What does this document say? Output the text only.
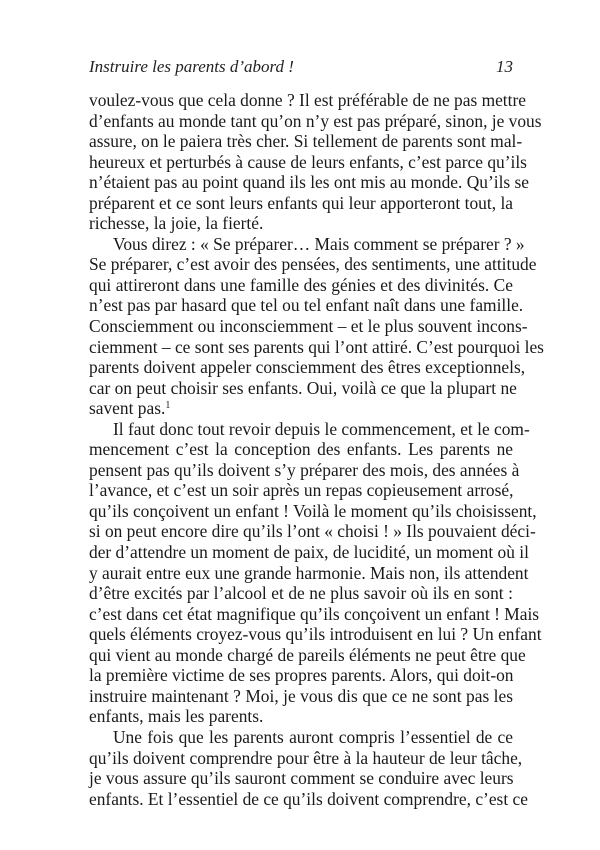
Instruire les parents d’abord !	13
voulez-vous que cela donne ? Il est préférable de ne pas mettre
d’enfants au monde tant qu’on n’y est pas préparé, sinon, je vous
assure, on le paiera très cher. Si tellement de parents sont mal-
heureux et perturbés à cause de leurs enfants, c’est parce qu’ils
n’étaient pas au point quand ils les ont mis au monde. Qu’ils se
préparent et ce sont leurs enfants qui leur apporteront tout, la
richesse, la joie, la fierté.
Vous direz : « Se préparer… Mais comment se préparer ? »
Se préparer, c’est avoir des pensées, des sentiments, une attitude
qui attireront dans une famille des génies et des divinités. Ce
n’est pas par hasard que tel ou tel enfant naît dans une famille.
Consciemment ou inconsciemment – et le plus souvent incons-
ciemment – ce sont ses parents qui l’ont attiré. C’est pourquoi les
parents doivent appeler consciemment des êtres exceptionnels,
car on peut choisir ses enfants. Oui, voilà ce que la plupart ne
savent pas.$^1$
Il faut donc tout revoir depuis le commencement, et le com-
mencement c’est la conception des enfants. Les parents ne
pensent pas qu’ils doivent s’y préparer des mois, des années à
l’avance, et c’est un soir après un repas copieusement arrosé,
qu’ils conçoivent un enfant ! Voilà le moment qu’ils choisissent,
si on peut encore dire qu’ils l’ont « choisi ! » Ils pouvaient déci-
der d’attendre un moment de paix, de lucidité, un moment où il
y aurait entre eux une grande harmonie. Mais non, ils attendent
d’être excités par l’alcool et de ne plus savoir où ils en sont :
c’est dans cet état magnifique qu’ils conçoivent un enfant ! Mais
quels éléments croyez-vous qu’ils introduisent en lui ? Un enfant
qui vient au monde chargé de pareils éléments ne peut être que
la première victime de ses propres parents. Alors, qui doit-on
instruire maintenant ? Moi, je vous dis que ce ne sont pas les
enfants, mais les parents.
Une fois que les parents auront compris l’essentiel de ce
qu’ils doivent comprendre pour être à la hauteur de leur tâche,
je vous assure qu’ils sauront comment se conduire avec leurs
enfants. Et l’essentiel de ce qu’ils doivent comprendre, c’est ce
